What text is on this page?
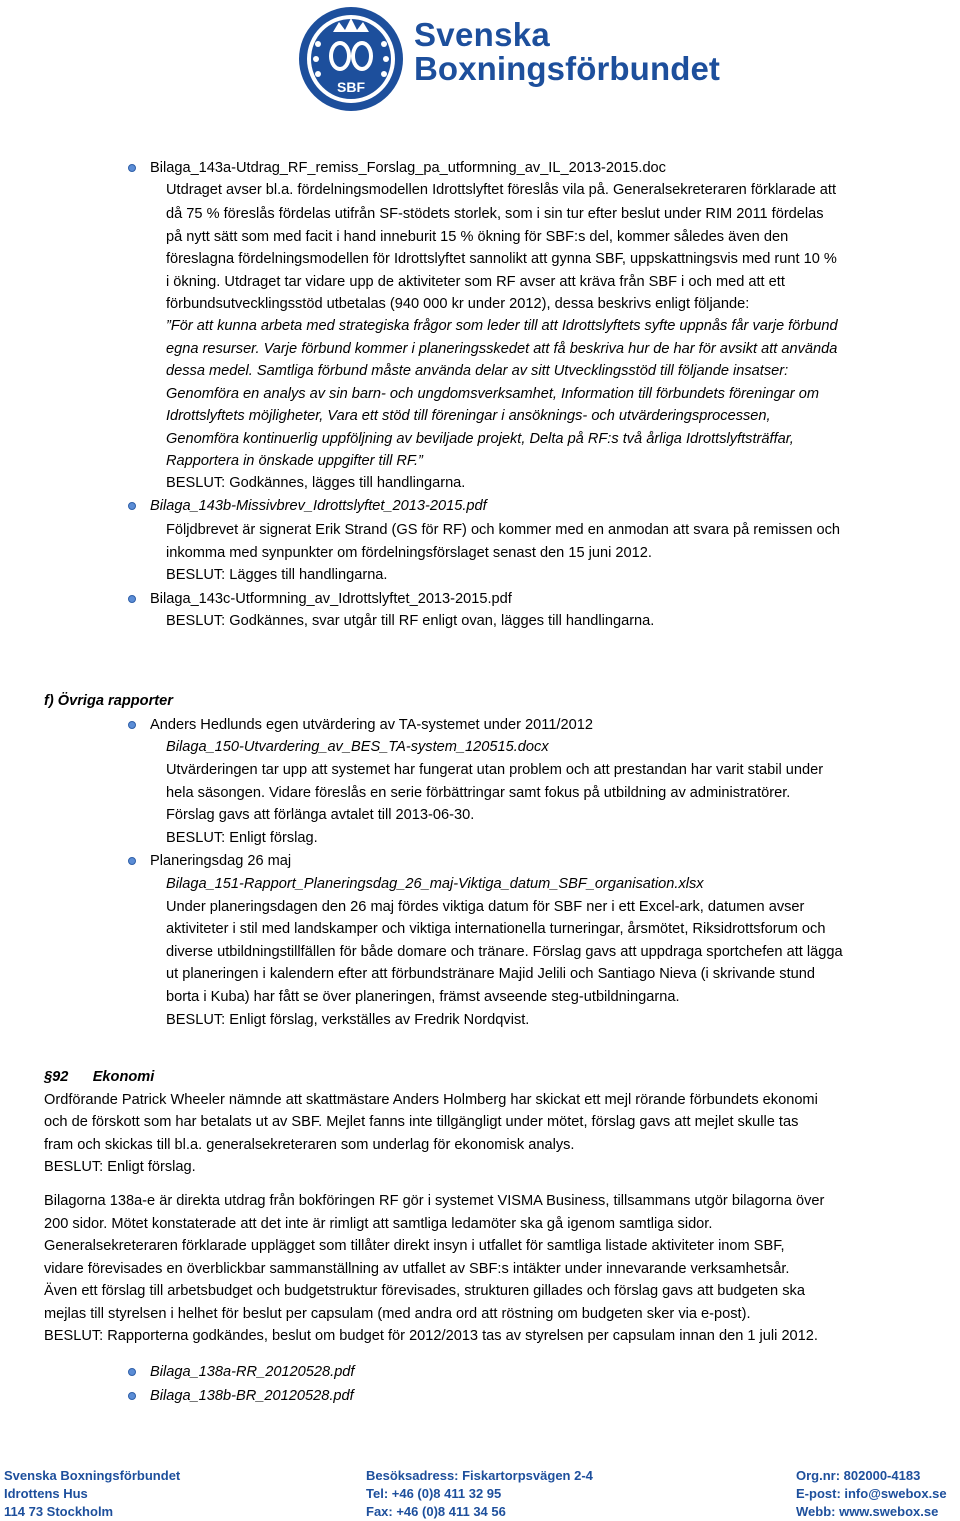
SBF
Svenska
Boxningsförbundet
Bilaga_143a-Utdrag_RF_remiss_Forslag_pa_utformning_av_IL_2013-2015.doc
Utdraget avser bl.a. fördelningsmodellen Idrottslyftet föreslås vila på. Generalsekreteraren förklarade att
då 75 % föreslås fördelas utifrån SF-stödets storlek, som i sin tur efter beslut under RIM 2011 fördelas
på nytt sätt som med facit i hand inneburit 15 % ökning för SBF:s del, kommer således även den
föreslagna fördelningsmodellen för Idrottslyftet sannolikt att gynna SBF, uppskattningsvis med runt 10 %
i ökning. Utdraget tar vidare upp de aktiviteter som RF avser att kräva från SBF i och med att ett
förbundsutvecklingsstöd utbetalas (940 000 kr under 2012), dessa beskrivs enligt följande:
”För att kunna arbeta med strategiska frågor som leder till att Idrottslyftets syfte uppnås får varje förbund
egna resurser. Varje förbund kommer i planeringsskedet att få beskriva hur de har för avsikt att använda
dessa medel. Samtliga förbund måste använda delar av sitt Utvecklingsstöd till följande insatser:
Genomföra en analys av sin barn- och ungdomsverksamhet, Information till förbundets föreningar om
Idrottslyftets möjligheter, Vara ett stöd till föreningar i ansöknings- och utvärderingsprocessen,
Genomföra kontinuerlig uppföljning av beviljade projekt, Delta på RF:s två årliga Idrottslyftsträffar,
Rapportera in önskade uppgifter till RF.”
BESLUT: Godkännes, lägges till handlingarna.
Bilaga_143b-Missivbrev_Idrottslyftet_2013-2015.pdf
Följdbrevet är signerat Erik Strand (GS för RF) och kommer med en anmodan att svara på remissen och
inkomma med synpunkter om fördelningsförslaget senast den 15 juni 2012.
BESLUT: Lägges till handlingarna.
Bilaga_143c-Utformning_av_Idrottslyftet_2013-2015.pdf
BESLUT: Godkännes, svar utgår till RF enligt ovan, lägges till handlingarna.
f) Övriga rapporter
Anders Hedlunds egen utvärdering av TA-systemet under 2011/2012
Bilaga_150-Utvardering_av_BES_TA-system_120515.docx
Utvärderingen tar upp att systemet har fungerat utan problem och att prestandan har varit stabil under
hela säsongen. Vidare föreslås en serie förbättringar samt fokus på utbildning av administratörer.
Förslag gavs att förlänga avtalet till 2013-06-30.
BESLUT: Enligt förslag.
Planeringsdag 26 maj
Bilaga_151-Rapport_Planeringsdag_26_maj-Viktiga_datum_SBF_organisation.xlsx
Under planeringsdagen den 26 maj fördes viktiga datum för SBF ner i ett Excel-ark, datumen avser
aktiviteter i stil med landskamper och viktiga internationella turneringar, årsmötet, Riksidrottsforum och
diverse utbildningstillfällen för både domare och tränare. Förslag gavs att uppdraga sportchefen att lägga
ut planeringen i kalendern efter att förbundstränare Majid Jelili och Santiago Nieva (i skrivande stund
borta i Kuba) har fått se över planeringen, främst avseende steg-utbildningarna.
BESLUT: Enligt förslag, verkställes av Fredrik Nordqvist.
§92 Ekonomi
Ordförande Patrick Wheeler nämnde att skattmästare Anders Holmberg har skickat ett mejl rörande förbundets ekonomi
och de förskott som har betalats ut av SBF. Mejlet fanns inte tillgängligt under mötet, förslag gavs att mejlet skulle tas
fram och skickas till bl.a. generalsekreteraren som underlag för ekonomisk analys.
BESLUT: Enligt förslag.
Bilagorna 138a-e är direkta utdrag från bokföringen RF gör i systemet VISMA Business, tillsammans utgör bilagorna över
200 sidor. Mötet konstaterade att det inte är rimligt att samtliga ledamöter ska gå igenom samtliga sidor.
Generalsekreteraren förklarade upplägget som tillåter direkt insyn i utfallet för samtliga listade aktiviteter inom SBF,
vidare förevisades en överblickbar sammanställning av utfallet av SBF:s intäkter under innevarande verksamhetsår.
Även ett förslag till arbetsbudget och budgetstruktur förevisades, strukturen gillades och förslag gavs att budgeten ska
mejlas till styrelsen i helhet för beslut per capsulam (med andra ord att röstning om budgeten sker via e-post).
BESLUT: Rapporterna godkändes, beslut om budget för 2012/2013 tas av styrelsen per capsulam innan den 1 juli 2012.
Bilaga_138a-RR_20120528.pdf
Bilaga_138b-BR_20120528.pdf
Svenska Boxningsförbundet
Idrottens Hus
114 73 Stockholm
Besöksadress: Fiskartorpsvägen 2-4
Tel: +46 (0)8 411 32 95
Fax: +46 (0)8 411 34 56
Org.nr: 802000-4183
E-post: info@swebox.se
Webb: www.swebox.se
